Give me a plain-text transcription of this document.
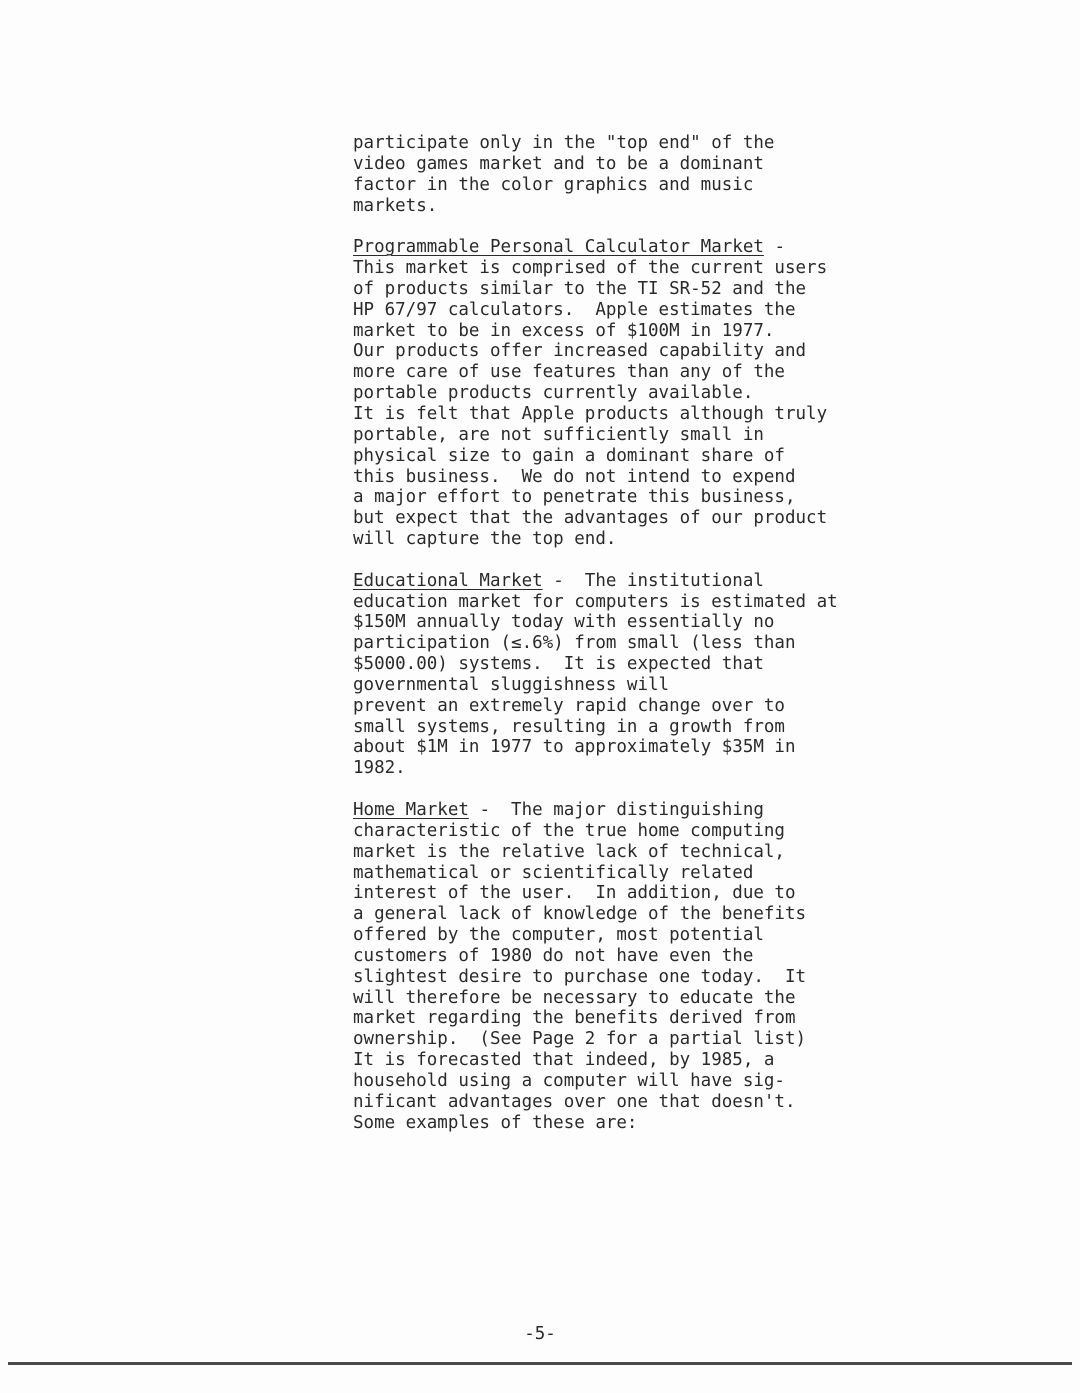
participate only in the "top end" of the
video games market and to be a dominant
factor in the color graphics and music
markets.
Programmable Personal Calculator Market -
This market is comprised of the current users
of products similar to the TI SR-52 and the
HP 67/97 calculators.  Apple estimates the
market to be in excess of $100M in 1977.
Our products offer increased capability and
more care of use features than any of the
portable products currently available.
It is felt that Apple products although truly
portable, are not sufficiently small in
physical size to gain a dominant share of
this business.  We do not intend to expend
a major effort to penetrate this business,
but expect that the advantages of our product
will capture the top end.
Educational Market -  The institutional
education market for computers is estimated at
$150M annually today with essentially no
participation (≤.6%) from small (less than
$5000.00) systems.  It is expected that
governmental sluggishness will
prevent an extremely rapid change over to
small systems, resulting in a growth from
about $1M in 1977 to approximately $35M in
1982.
Home Market -  The major distinguishing
characteristic of the true home computing
market is the relative lack of technical,
mathematical or scientifically related
interest of the user.  In addition, due to
a general lack of knowledge of the benefits
offered by the computer, most potential
customers of 1980 do not have even the
slightest desire to purchase one today.  It
will therefore be necessary to educate the
market regarding the benefits derived from
ownership.  (See Page 2 for a partial list)
It is forecasted that indeed, by 1985, a
household using a computer will have sig-
nificant advantages over one that doesn't.
Some examples of these are:
-5-
